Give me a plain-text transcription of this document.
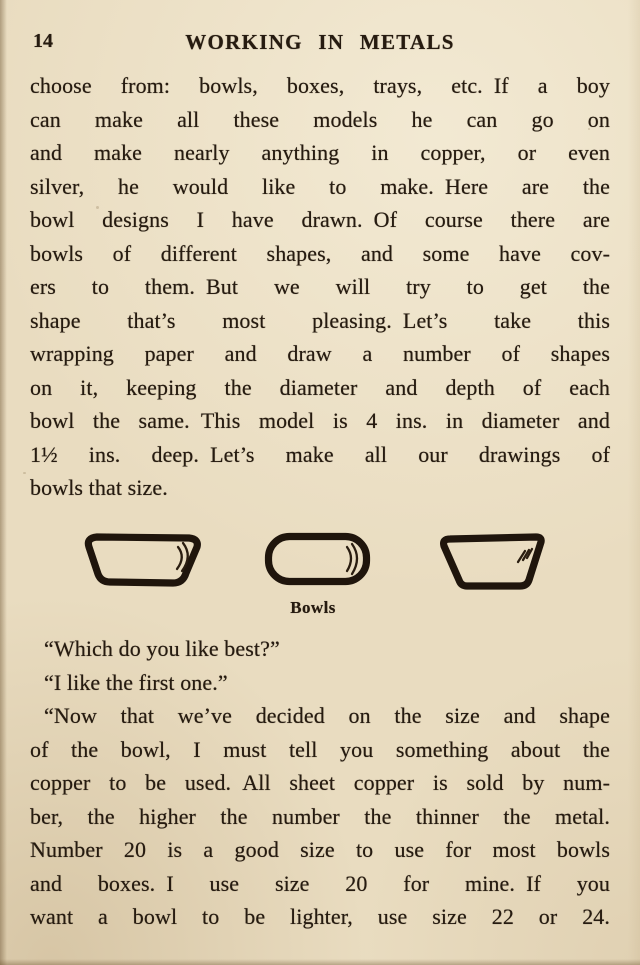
14	WORKING IN METALS
choose from: bowls, boxes, trays, etc. If a boy
can make all these models he can go on
and make nearly anything in copper, or even
silver, he would like to make. Here are the
bowl designs I have drawn. Of course there are
bowls of different shapes, and some have cov-
ers to them. But we will try to get the
shape that’s most pleasing. Let’s take this
wrapping paper and draw a number of shapes
on it, keeping the diameter and depth of each
bowl the same. This model is 4 ins. in diameter and
1½ ins. deep. Let’s make all our drawings of
bowls that size.
Bowls
“Which do you like best?”
“I like the first one.”
“Now that we’ve decided on the size and shape
of the bowl, I must tell you something about the
copper to be used. All sheet copper is sold by num-
ber, the higher the number the thinner the metal.
Number 20 is a good size to use for most bowls
and boxes. I use size 20 for mine. If you
want a bowl to be lighter, use size 22 or 24.
